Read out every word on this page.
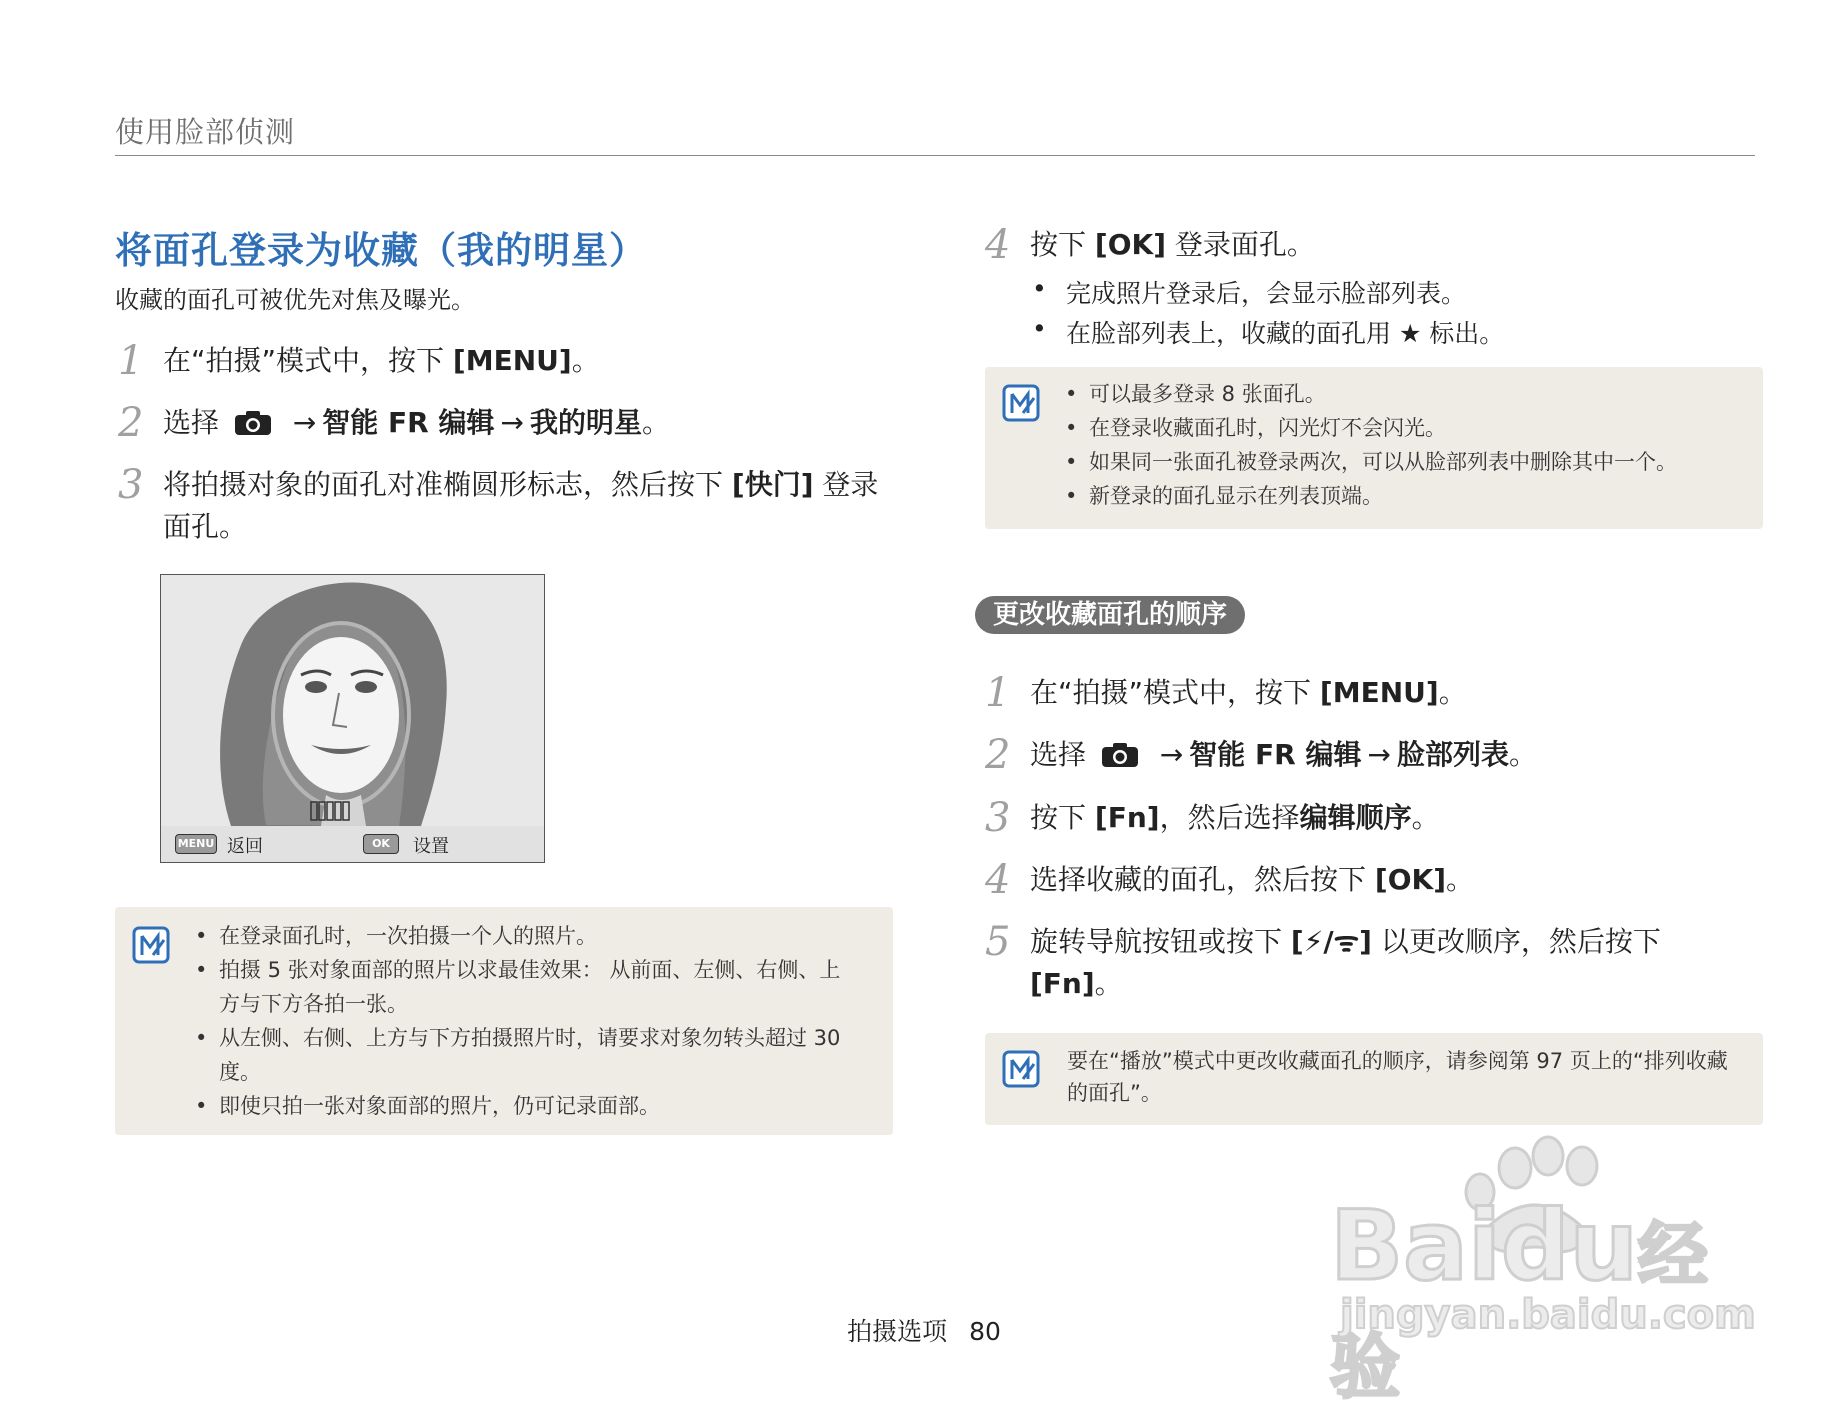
使用脸部侦测
将面孔登录为收藏（我的明星）
收藏的面孔可被优先对焦及曝光。
1 在“拍摄”模式中，按下 [MENU]。
2 选择	→ 智能 FR 编辑 → 我的明星。
3 将拍摄对象的面孔对准椭圆形标志，然后按下 [快门] 登录面孔。
MENU 返回	OK	设置
• 在登录面孔时，一次拍摄一个人的照片。
• 拍摄 5 张对象面部的照片以求最佳效果： 从前面、左侧、右侧、上方与下方各拍一张。
• 从左侧、右侧、上方与下方拍摄照片时，请要求对象勿转头超过 30 度。
• 即使只拍一张对象面部的照片，仍可记录面部。
4 按下 [OK] 登录面孔。
• 完成照片登录后，会显示脸部列表。
• 在脸部列表上，收藏的面孔用 ★ 标出。
• 可以最多登录 8 张面孔。
• 在登录收藏面孔时，闪光灯不会闪光。
• 如果同一张面孔被登录两次，可以从脸部列表中删除其中一个。
• 新登录的面孔显示在列表顶端。
更改收藏面孔的顺序
1 在“拍摄”模式中，按下 [MENU]。
2 选择	→ 智能 FR 编辑 → 脸部列表。
3 按下 [Fn]，然后选择编辑顺序。
4 选择收藏的面孔，然后按下 [OK]。
5 旋转导航按钮或按下 [⚡/ᯤ] 以更改顺序，然后按下 [Fn]。
要在“播放”模式中更改收藏面孔的顺序，请参阅第 97 页上的“排列收藏的面孔”。
拍摄选项 80
Baidu经验
jingyan.baidu.com
